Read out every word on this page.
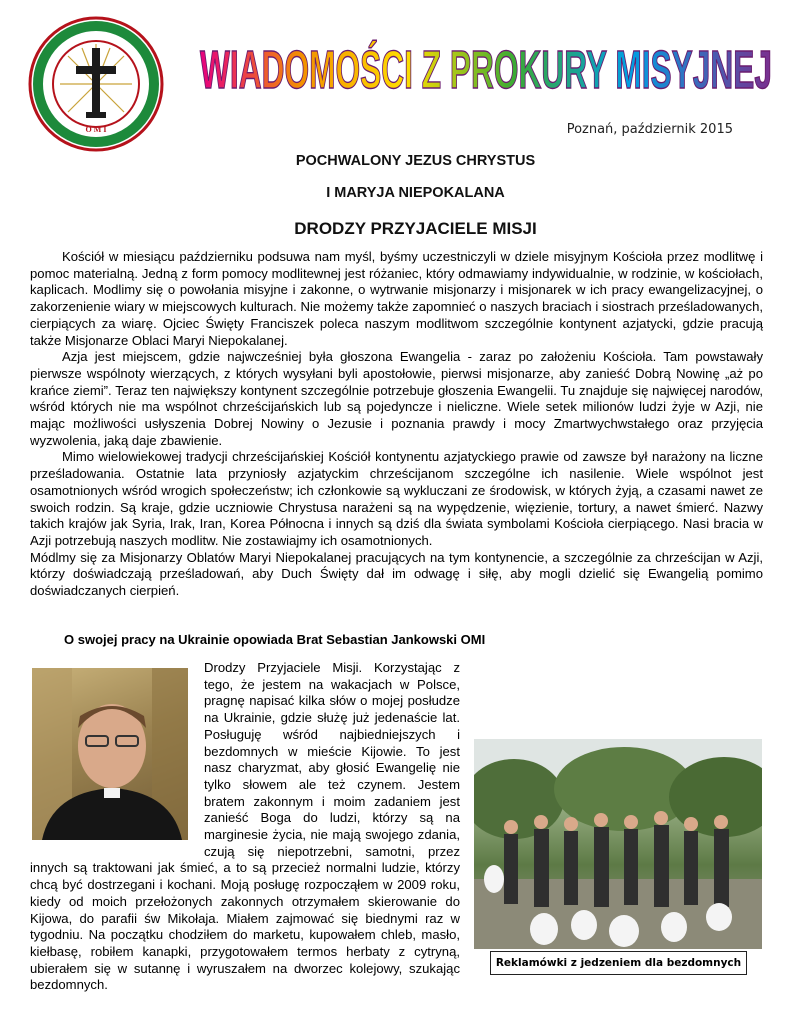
O M I
WIADOMOŚCI Z PROKURY MISYJNEJ
Poznań, październik 2015
POCHWALONY JEZUS CHRYSTUS
I MARYJA NIEPOKALANA
DRODZY PRZYJACIELE MISJI

Kościół w miesiącu październiku podsuwa nam myśl, byśmy uczestniczyli w dziele misyjnym Kościoła przez modlitwę i pomoc materialną. Jedną z form pomocy modlitewnej jest różaniec, który odmawiamy indywidualnie, w rodzinie, w kościołach, kaplicach. Modlimy się o powołania misyjne i zakonne, o wytrwanie misjonarzy i misjonarek w ich pracy ewangelizacyjnej, o zakorzenienie wiary w miejscowych kulturach. Nie możemy także zapomnieć o naszych braciach i siostrach prześladowanych, cierpiących za wiarę. Ojciec Święty Franciszek poleca naszym modlitwom szczególnie kontynent azjatycki, gdzie pracują także Misjonarze Oblaci Maryi Niepokalanej.

Azja jest miejscem, gdzie najwcześniej była głoszona Ewangelia - zaraz po założeniu Kościoła. Tam powstawały pierwsze wspólnoty wierzących, z których wysyłani byli apostołowie, pierwsi misjonarze, aby zanieść Dobrą Nowinę „aż po krańce ziemi”. Teraz ten największy kontynent szczególnie potrzebuje głoszenia Ewangelii. Tu znajduje się najwięcej narodów, wśród których nie ma wspólnot chrześcijańskich lub są pojedyncze i nieliczne. Wiele setek milionów ludzi żyje w Azji, nie mając możliwości usłyszenia Dobrej Nowiny o Jezusie i poznania prawdy i mocy Zmartwychwstałego oraz przyjęcia wyzwolenia, jaką daje zbawienie.

Mimo wielowiekowej tradycji chrześcijańskiej Kościół kontynentu azjatyckiego prawie od zawsze był narażony na liczne prześladowania. Ostatnie lata przyniosły azjatyckim chrześcijanom szczególne ich nasilenie. Wiele wspólnot jest osamotnionych wśród wrogich społeczeństw; ich członkowie są wykluczani ze środowisk, w których żyją, a czasami nawet ze swoich rodzin. Są kraje, gdzie uczniowie Chrystusa narażeni są na wypędzenie, więzienie, tortury, a nawet śmierć. Nazwy takich krajów jak Syria, Irak, Iran, Korea Północna i innych są dziś dla świata symbolami Kościoła cierpiącego. Nasi bracia w Azji potrzebują naszych modlitw. Nie zostawiajmy ich osamotnionych.

Módlmy się za Misjonarzy Oblatów Maryi Niepokalanej pracujących na tym kontynencie, a szczególnie za chrześcijan w Azji, którzy doświadczają prześladowań, aby Duch Święty dał im odwagę i siłę, aby mogli dzielić się Ewangelią pomimo doświadczanych cierpień.

O swojej pracy na Ukrainie opowiada Brat Sebastian Jankowski OMI
Reklamówki z jedzeniem dla bezdomnych
Drodzy Przyjaciele Misji. Korzystając z tego, że jestem na wakacjach w Polsce, pragnę napisać kilka słów o mojej posłudze na Ukrainie, gdzie służę już jedenaście lat. Posługuję wśród najbiedniejszych i bezdomnych w mieście Kijowie. To jest nasz charyzmat, aby głosić Ewangelię nie tylko słowem ale też czynem. Jestem bratem zakonnym i moim zadaniem jest zanieść Boga do ludzi, którzy są na marginesie życia, nie mają swojego zdania, czują się niepotrzebni, samotni, przez innych są traktowani jak śmieć, a to są przecież normalni ludzie, którzy chcą być dostrzegani i kochani. Moją posługę rozpocząłem w 2009 roku, kiedy od moich przełożonych zakonnych otrzymałem skierowanie do Kijowa, do parafii św Mikołaja. Miałem zajmować się biednymi raz w tygodniu. Na początku chodziłem do marketu, kupowałem chleb, masło, kiełbasę, robiłem kanapki, przygotowałem termos herbaty z cytryną, ubierałem się w sutannę i wyruszałem na dworzec kolejowy, szukając bezdomnych.
